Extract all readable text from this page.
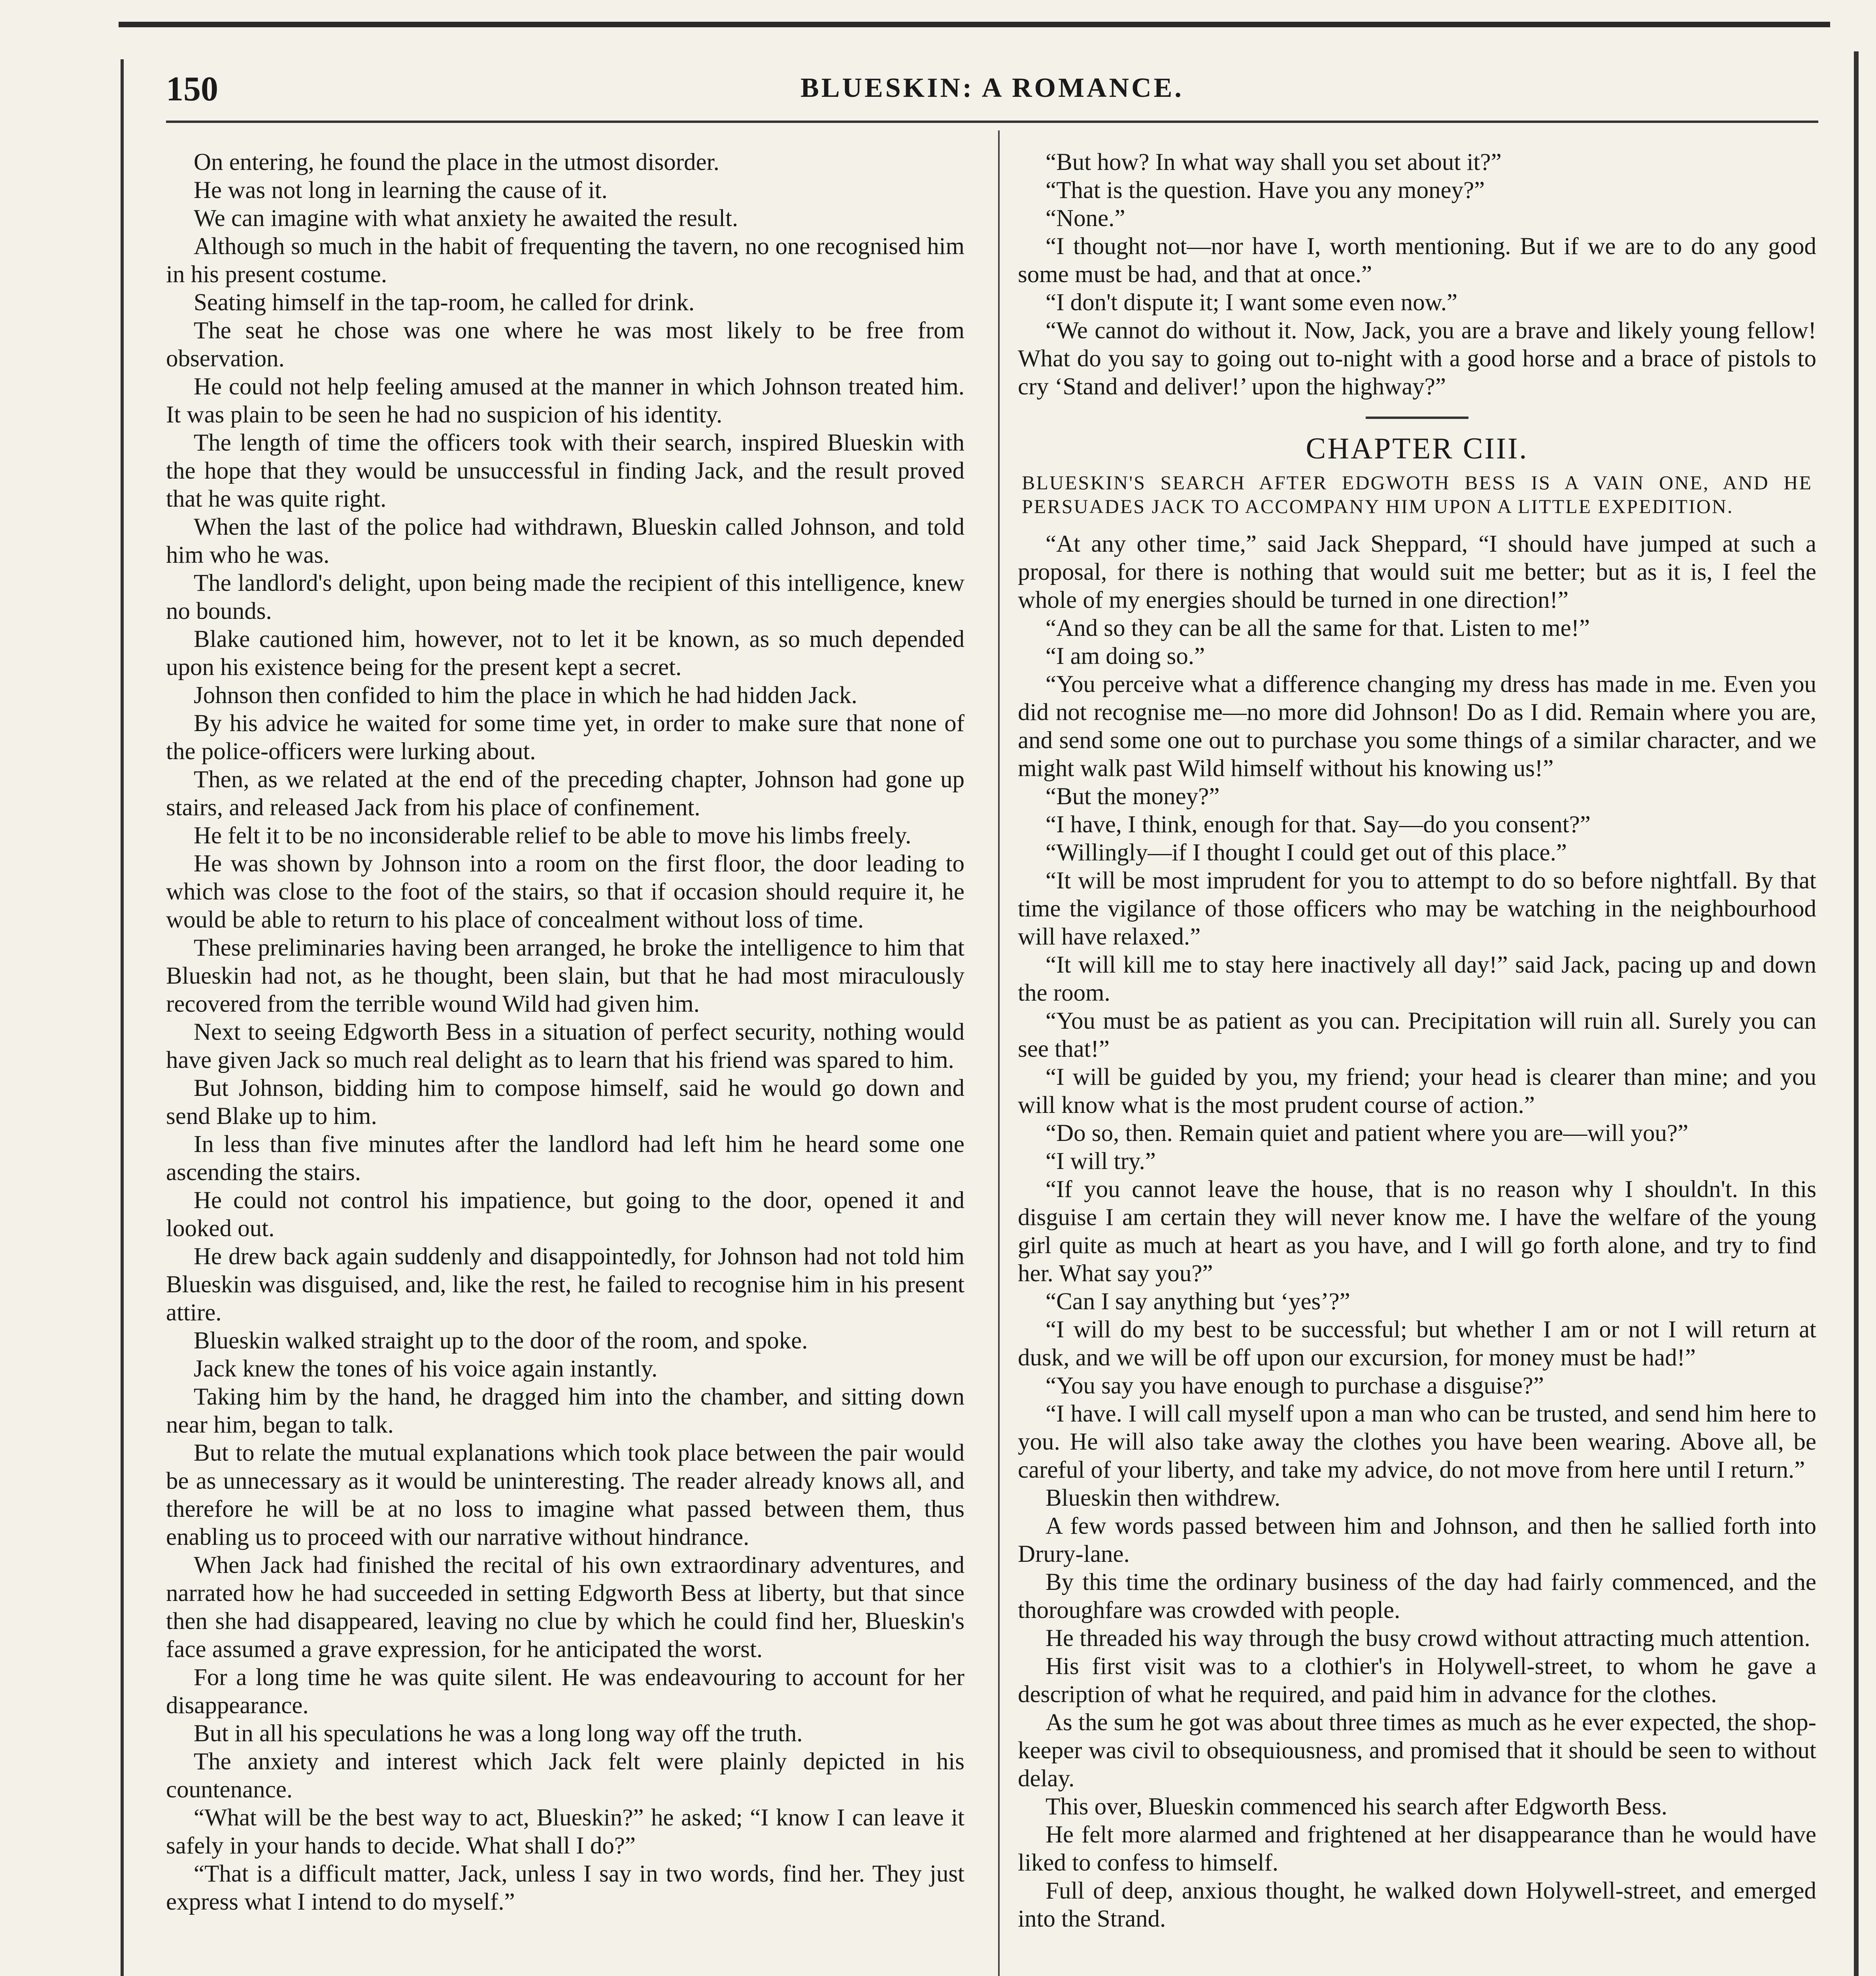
150	BLUESKIN: A ROMANCE.

On entering, he found the place in the utmost disorder.

He was not long in learning the cause of it.

We can imagine with what anxiety he awaited the result.

Although so much in the habit of frequenting the tavern, no one recognised him in his present costume.

Seating himself in the tap-room, he called for drink.

The seat he chose was one where he was most likely to be free from observation.

He could not help feeling amused at the manner in which Johnson treated him. It was plain to be seen he had no suspicion of his identity.

The length of time the officers took with their search, inspired Blueskin with the hope that they would be unsuccessful in finding Jack, and the result proved that he was quite right.

When the last of the police had withdrawn, Blueskin called Johnson, and told him who he was.

The landlord's delight, upon being made the recipient of this intelligence, knew no bounds.

Blake cautioned him, however, not to let it be known, as so much depended upon his existence being for the present kept a secret.

Johnson then confided to him the place in which he had hidden Jack.

By his advice he waited for some time yet, in order to make sure that none of the police-officers were lurking about.

Then, as we related at the end of the preceding chapter, Johnson had gone up stairs, and released Jack from his place of confinement.

He felt it to be no inconsiderable relief to be able to move his limbs freely.

He was shown by Johnson into a room on the first floor, the door leading to which was close to the foot of the stairs, so that if occasion should require it, he would be able to return to his place of concealment without loss of time.

These preliminaries having been arranged, he broke the intelligence to him that Blueskin had not, as he thought, been slain, but that he had most miraculously recovered from the terrible wound Wild had given him.

Next to seeing Edgworth Bess in a situation of perfect security, nothing would have given Jack so much real delight as to learn that his friend was spared to him.

But Johnson, bidding him to compose himself, said he would go down and send Blake up to him.

In less than five minutes after the landlord had left him he heard some one ascending the stairs.

He could not control his impatience, but going to the door, opened it and looked out.

He drew back again suddenly and disappointedly, for Johnson had not told him Blueskin was disguised, and, like the rest, he failed to recognise him in his present attire.

Blueskin walked straight up to the door of the room, and spoke.

Jack knew the tones of his voice again instantly.

Taking him by the hand, he dragged him into the chamber, and sitting down near him, began to talk.

But to relate the mutual explanations which took place between the pair would be as unnecessary as it would be uninteresting. The reader already knows all, and therefore he will be at no loss to imagine what passed between them, thus enabling us to proceed with our narrative without hindrance.

When Jack had finished the recital of his own extraordinary adventures, and narrated how he had succeeded in setting Edgworth Bess at liberty, but that since then she had disappeared, leaving no clue by which he could find her, Blueskin's face assumed a grave expression, for he anticipated the worst.

For a long time he was quite silent. He was endeavouring to account for her disappearance.

But in all his speculations he was a long long way off the truth.

The anxiety and interest which Jack felt were plainly depicted in his countenance.

“What will be the best way to act, Blueskin?” he asked; “I know I can leave it safely in your hands to decide. What shall I do?”

“That is a difficult matter, Jack, unless I say in two words, find her. They just express what I intend to do myself.”

“But how? In what way shall you set about it?”

“That is the question. Have you any money?”

“None.”

“I thought not—nor have I, worth mentioning. But if we are to do any good some must be had, and that at once.”

“I don't dispute it; I want some even now.”

“We cannot do without it. Now, Jack, you are a brave and likely young fellow! What do you say to going out to-night with a good horse and a brace of pistols to cry ‘Stand and deliver!’ upon the highway?”

CHAPTER CIII.
BLUESKIN'S SEARCH AFTER EDGWOTH BESS IS A VAIN ONE, AND HE PERSUADES JACK TO ACCOMPANY HIM UPON A LITTLE EXPEDITION.

“At any other time,” said Jack Sheppard, “I should have jumped at such a proposal, for there is nothing that would suit me better; but as it is, I feel the whole of my energies should be turned in one direction!”

“And so they can be all the same for that. Listen to me!”

“I am doing so.”

“You perceive what a difference changing my dress has made in me. Even you did not recognise me—no more did Johnson! Do as I did. Remain where you are, and send some one out to purchase you some things of a similar character, and we might walk past Wild himself without his knowing us!”

“But the money?”

“I have, I think, enough for that. Say—do you consent?”

“Willingly—if I thought I could get out of this place.”

“It will be most imprudent for you to attempt to do so before nightfall. By that time the vigilance of those officers who may be watching in the neighbourhood will have relaxed.”

“It will kill me to stay here inactively all day!” said Jack, pacing up and down the room.

“You must be as patient as you can. Precipitation will ruin all. Surely you can see that!”

“I will be guided by you, my friend; your head is clearer than mine; and you will know what is the most prudent course of action.”

“Do so, then. Remain quiet and patient where you are—will you?”

“I will try.”

“If you cannot leave the house, that is no reason why I shouldn't. In this disguise I am certain they will never know me. I have the welfare of the young girl quite as much at heart as you have, and I will go forth alone, and try to find her. What say you?”

“Can I say anything but ‘yes’?”

“I will do my best to be successful; but whether I am or not I will return at dusk, and we will be off upon our excursion, for money must be had!”

“You say you have enough to purchase a disguise?”

“I have. I will call myself upon a man who can be trusted, and send him here to you. He will also take away the clothes you have been wearing. Above all, be careful of your liberty, and take my advice, do not move from here until I return.”

Blueskin then withdrew.

A few words passed between him and Johnson, and then he sallied forth into Drury-lane.

By this time the ordinary business of the day had fairly commenced, and the thoroughfare was crowded with people.

He threaded his way through the busy crowd without attracting much attention.

His first visit was to a clothier's in Holywell-street, to whom he gave a description of what he required, and paid him in advance for the clothes.

As the sum he got was about three times as much as he ever expected, the shop-keeper was civil to obsequiousness, and promised that it should be seen to without delay.

This over, Blueskin commenced his search after Edgworth Bess.

He felt more alarmed and frightened at her disappearance than he would have liked to confess to himself.

Full of deep, anxious thought, he walked down Holywell-street, and emerged into the Strand.
